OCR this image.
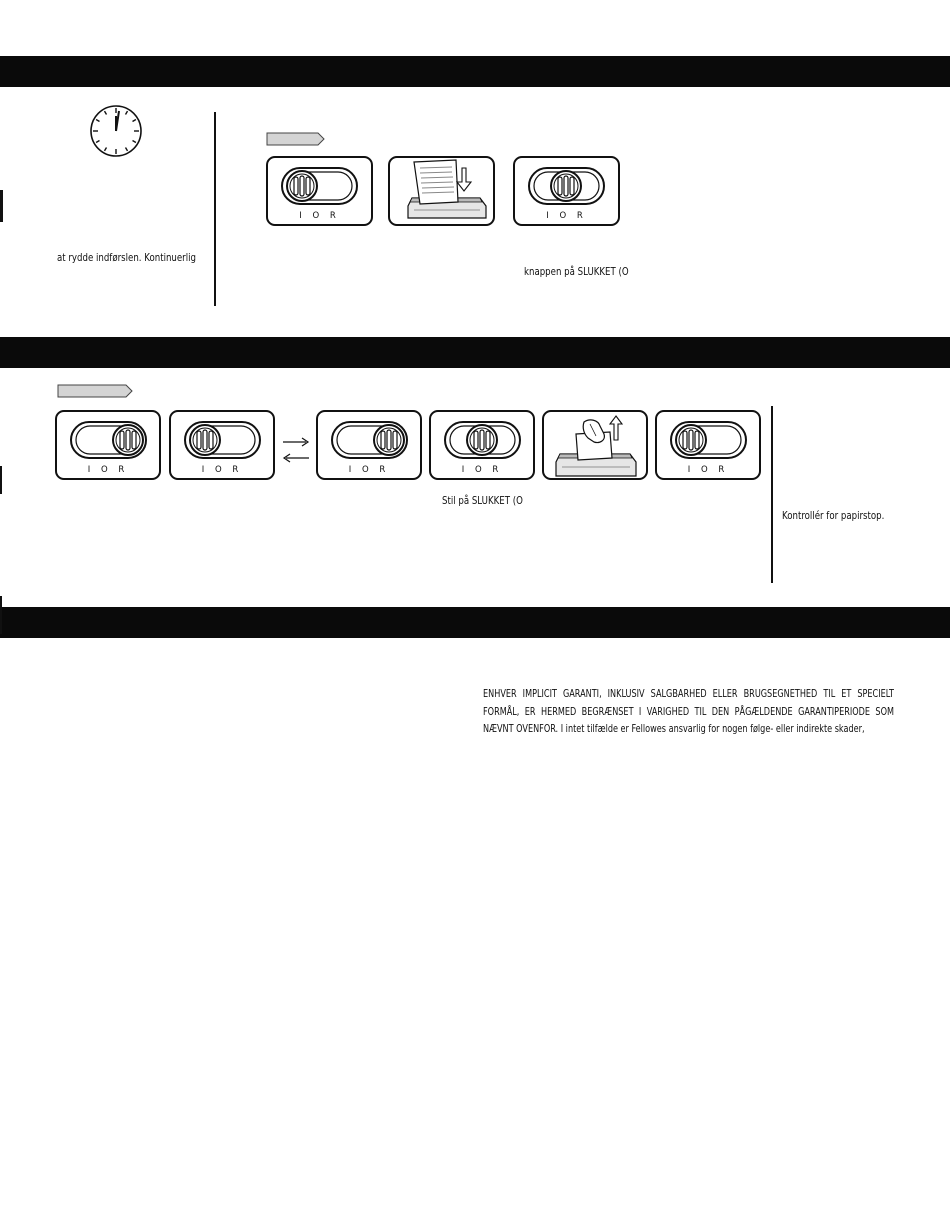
at rydde indførslen. Kontinuerlig
I O R	I O R
knappen på SLUKKET (O
I O R	I O R	I O R	I O R	I O R
Stil på SLUKKET (O
Kontrollér for papirstop.

ENHVER IMPLICIT GARANTI, INKLUSIV SALGBARHED ELLER BRUGSEGNETHED TIL ET SPECIELT FORMÅL, ER HERMED BEGRÆNSET I VARIGHED TIL DEN PÅGÆLDENDE GARANTIPERIODE SOM NÆVNT OVENFOR. I intet tilfælde er Fellowes ansvarlig for nogen følge- eller indirekte skader,
